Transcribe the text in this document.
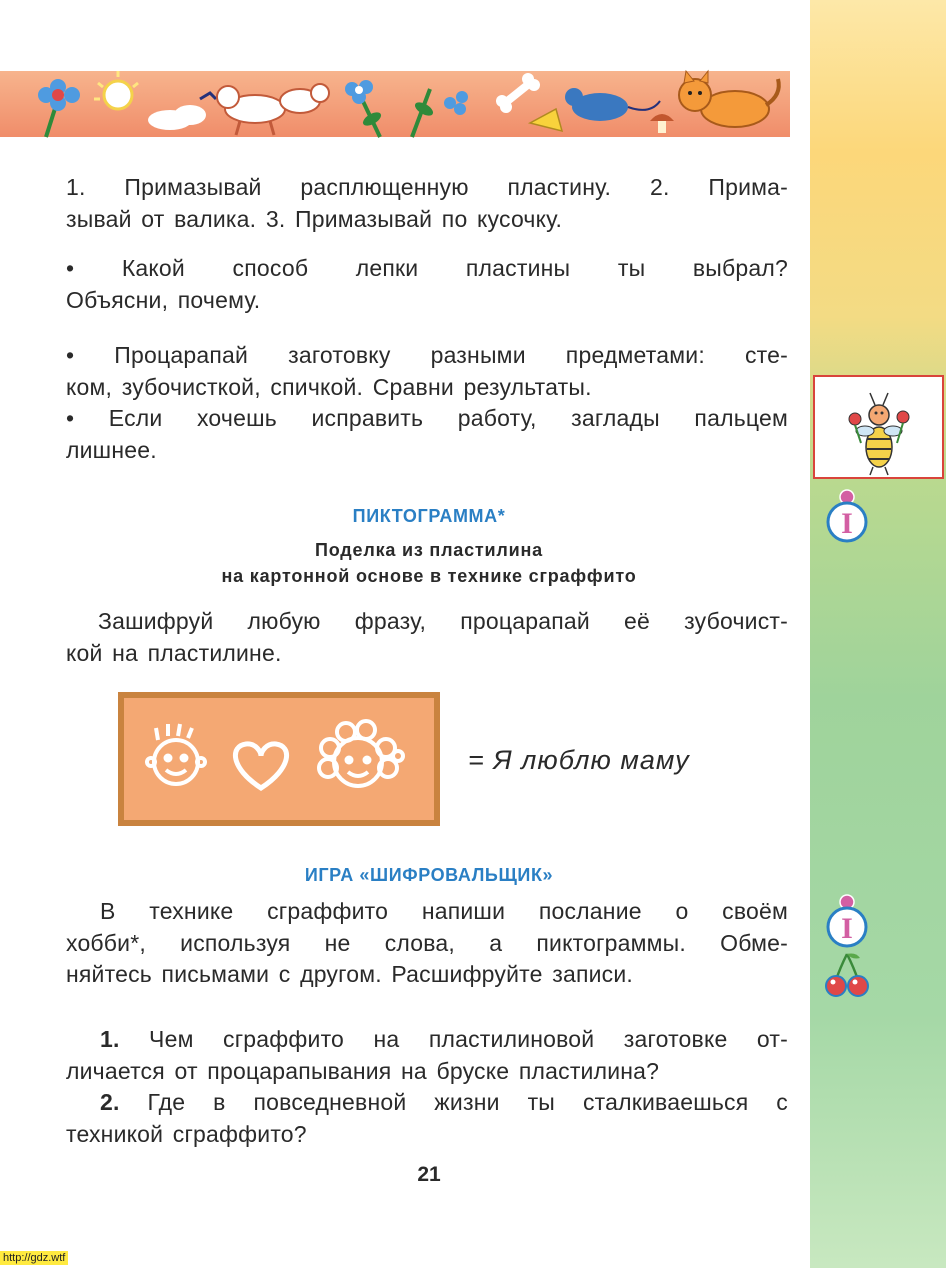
I
I
1. Примазывай расплющенную пластину. 2. Прима-
зывай от валика. 3. Примазывай по кусочку.
• Какой способ лепки пластины ты выбрал?
Объясни, почему.
• Процарапай заготовку разными предметами: сте-
ком, зубочисткой, спичкой. Сравни результаты.
• Если хочешь исправить работу, заглады пальцем
лишнее.
ПИКТОГРАММА*
Поделка из пластилина
на картонной основе в технике сграффито
Зашифруй любую фразу, процарапай её зубочист-
кой на пластилине.
= Я люблю маму
ИГРА «ШИФРОВАЛЬЩИК»
В технике сграффито напиши послание о своём
хобби*, используя не слова, а пиктограммы. Обме-
няйтесь письмами с другом. Расшифруйте записи.
1. Чем сграффито на пластилиновой заготовке от-
личается от процарапывания на бруске пластилина?
2. Где в повседневной жизни ты сталкиваешься с
техникой сграффито?
21
http://gdz.wtf
